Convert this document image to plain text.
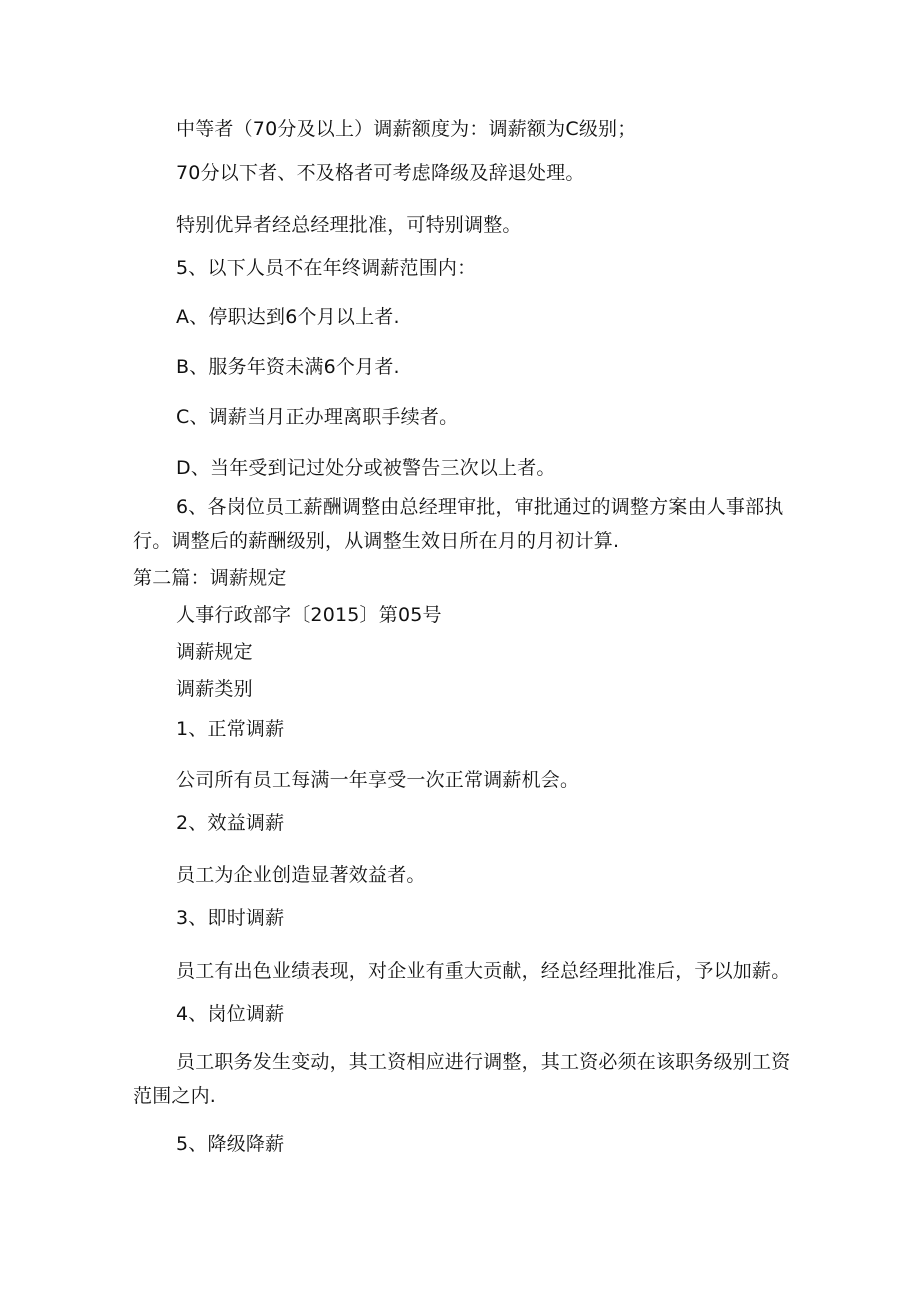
中等者（70分及以上）调薪额度为：调薪额为C级别；
70分以下者、不及格者可考虑降级及辞退处理。
特别优异者经总经理批准，可特别调整。
5、以下人员不在年终调薪范围内：
A、停职达到6个月以上者.
B、服务年资未满6个月者.
C、调薪当月正办理离职手续者。
D、当年受到记过处分或被警告三次以上者。
6、各岗位员工薪酬调整由总经理审批，审批通过的调整方案由人事部执行。调整后的薪酬级别，从调整生效日所在月的月初计算.
第二篇：调薪规定
人事行政部字〔2015〕第05号
调薪规定
调薪类别
1、正常调薪
公司所有员工每满一年享受一次正常调薪机会。
2、效益调薪
员工为企业创造显著效益者。
3、即时调薪
员工有出色业绩表现，对企业有重大贡献，经总经理批准后，予以加薪。
4、岗位调薪
员工职务发生变动，其工资相应进行调整，其工资必须在该职务级别工资范围之内.
5、降级降薪
